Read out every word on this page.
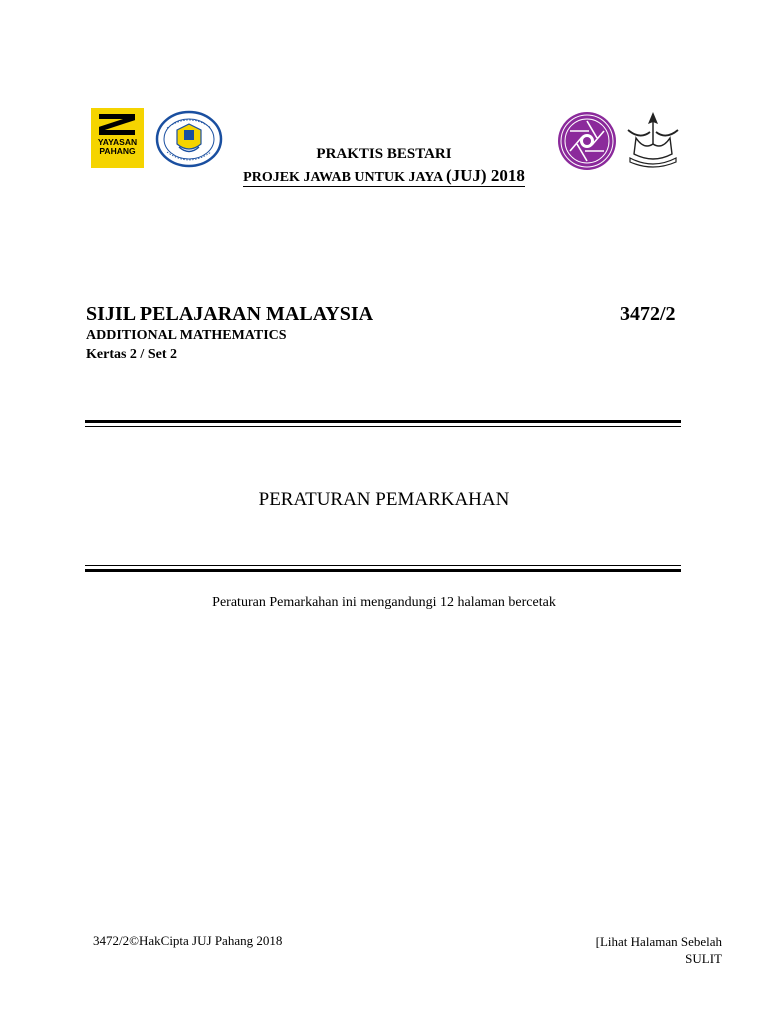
YAYASAN
PAHANG	PRAKTIS BESTARI
PROJEK JAWAB UNTUK JAYA (JUJ) 2018
SIJIL PELAJARAN MALAYSIA	3472/2
ADDITIONAL MATHEMATICS
Kertas 2 / Set 2
PERATURAN PEMARKAHAN
Peraturan Pemarkahan ini mengandungi 12 halaman bercetak
3472/2©HakCipta JUJ Pahang 2018	[Lihat Halaman Sebelah
SULIT
